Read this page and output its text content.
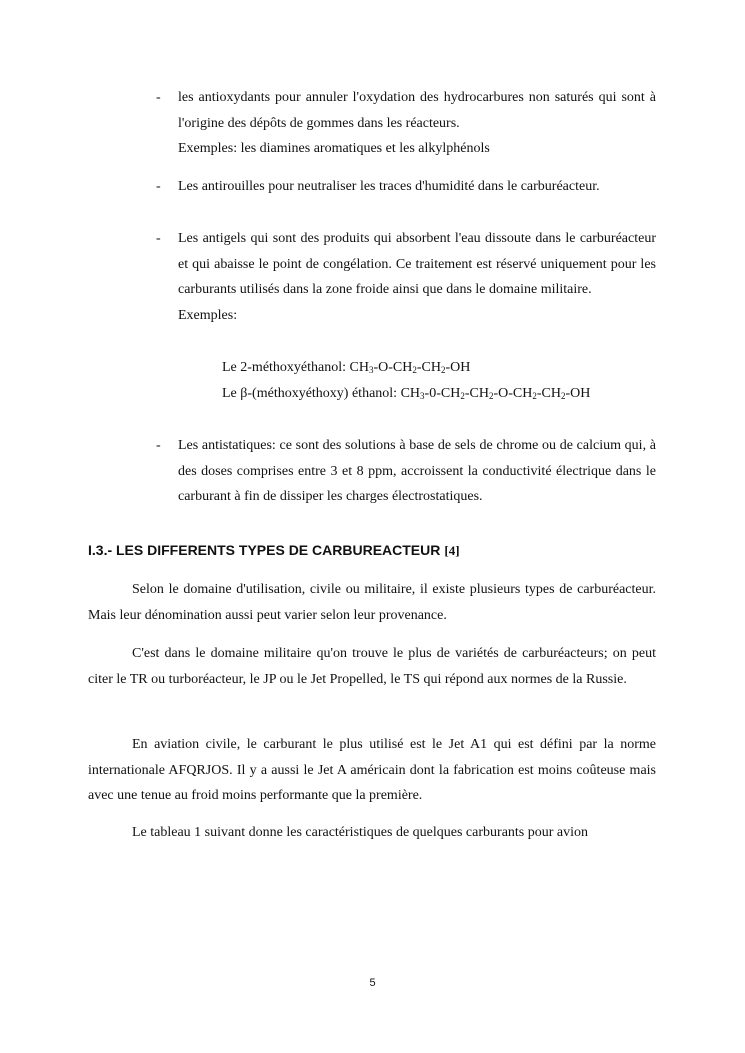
- les antioxydants pour annuler l'oxydation des hydrocarbures non saturés qui sont à l'origine des dépôts de gommes dans les réacteurs.
Exemples: les diamines aromatiques et les alkylphénols
- Les antirouilles pour neutraliser les traces d'humidité dans le carburéacteur.
- Les antigels qui sont des produits qui absorbent l'eau dissoute dans le carburéacteur et qui abaisse le point de congélation. Ce traitement est réservé uniquement pour les carburants utilisés dans la zone froide ainsi que dans le domaine militaire.
Exemples:
Le 2-méthoxyéthanol: $CH_3-O-CH_2-CH_2-OH$
Le β-(méthoxyéthoxy) éthanol: $CH_3-0-CH_2-CH_2-O-CH_2-CH_2-OH$
- Les antistatiques: ce sont des solutions à base de sels de chrome ou de calcium qui, à des doses comprises entre 3 et 8 ppm, accroissent la conductivité électrique dans le carburant à fin de dissiper les charges électrostatiques.
I.3.- LES DIFFERENTS TYPES DE CARBUREACTEUR [4]
Selon le domaine d'utilisation, civile ou militaire, il existe plusieurs types de carburéacteur. Mais leur dénomination aussi peut varier selon leur provenance.
C'est dans le domaine militaire qu'on trouve le plus de variétés de carburéacteurs; on peut citer le TR ou turboréacteur, le JP ou le Jet Propelled, le TS qui répond aux normes de la Russie.
En aviation civile, le carburant le plus utilisé est le Jet A1 qui est défini par la norme internationale AFQRJOS. Il y a aussi le Jet A américain dont la fabrication est moins coûteuse mais avec une tenue au froid moins performante que la première.
Le tableau 1 suivant donne les caractéristiques de quelques carburants pour avion
5
